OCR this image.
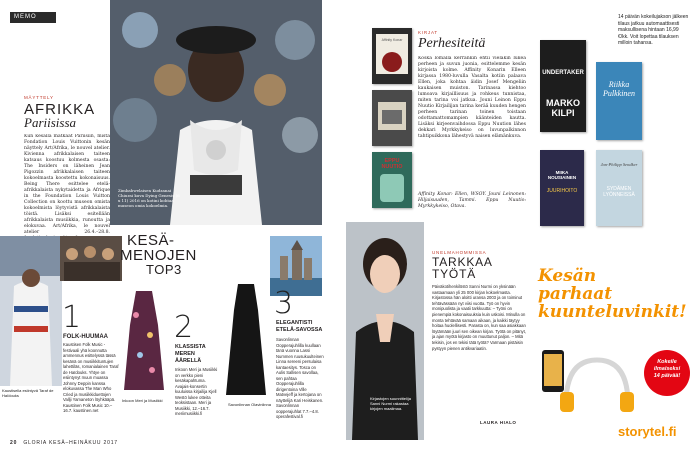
MEMO
MÄYTTELY
AFRIKKA
Pariisissa
Kun kesällä matkaat Pariisiin, mistä Fondation Louis Vuittonin kesän näyttely Art/Afrika, le nouvel atelier. Kivienna afrikkalaisen taiteen katsaus koostuu kolmesta osasta: The Insiders on läheinen Jean Pigozzin afrikkalaisen taiteen kokoelmasta koostettu kokonaisuus. Being There esittelee etelä-afrikkalaista nykytaidetta ja Afrique in the Foundation Louis Vuitton Collection on koottu museon omista kokoelmista löytyvistä afrikkalaista töistä. Lisäksi esitellään afrikkalaista musiikkia, runoutta ja elokuvaa. Art/Afrika, le nouvel atelier 26.4.–28.8.
Zimbabwelaisen Kudzanai Chiurai kuva Dying Genesis (6 x 11) 2016 on kotini kohtaa museon omia kokoelmia.
KESÄ-
MENOJEN
TOP3
1
FOLK-HUUMAA
Kaustisen Folk Music -festivaali yhä koonnutta ammennus esittelyssä tässä kesänä on musiikkituntujen lahettiläs, romanialainen Taraf de Haïdouks. Yhtye on esiintynyt muun muassa Johnny Deppin kanssa elokuvassa The Man Who Cried ja musiikkiduettojen Vallji Yamaneton löyhkääpä. Kaustinen Folk Music 10.–16.7. kaustinen.net
Kaustisella esiintyvä Taraf de Haïdouks
Inkoon Meri ja Musiikki
2
KLASSISTA MEREN ÄÄRELLÄ
Inkoon Meri ja Musiikki on verkko pieni kesäkapahtuma. Avajais-konsertin kuuluissa kirjailija Kjell Westö lukee otteita teoksistaan. Meri ja Musiikki, 12.–16.7. meriimusiikki.fi
3
ELEGANTISTI ETELÄ-SAVOSSA
Savonlinnan Oopperajuhlilla kuullaan tänä vuonna Lassi Nummen ruusukuulteinen Linna sereeni persulaisa kantaesitys. Tosca on Aulis Sallisen savollaa, sen pahtaa Oopperajuhlilla dirigentoina Ville Matvejeff ja kertojana on näyttelijä Kari Heiskanen. Savonlinnan oopperajuhlat 7.7.–4.8. operafestival.fi
Savonlinnan Olavinlinna
20 GLORIA KESÄ–HEINÄKUU 2017
Affinity Konar
EPPU NUUTIO
KIRJAT
Perhesiteitä
Koska lomalla kerrankin ehtii vieläkin lukea perheen ja suvun juonia, esittelemme kesän kirjoista kolme. Affinity Konarin Elleen kirjassa 1980-luvulla Vasalta kotiin palaava Ellen, joka kohtaa äidin Josef Mengeliin kaukaisen muiston. Tarinassa kiehtoo lumoava kirjaillisuus ja rohkeus tunnistaa, miten tarina voi jatkua. Jouni Leinon Eppu Nuutio Kirjailijan tarina kerää kuuden hengen perheen tarinan toinen toistaan odottamattomampien käänteiden kautta. Lisäksi kirjeenvaihdossa Eppu Nuution lähes dekkari Myrkkykeiso on luvunpalkinnon tahtipuikkona lähestyvä naisen elämänkuva.
Affinity Konar: Ellen, WSOY. Jouni Leinonen: Hiljaisuuden, Tammi. Eppu Nuutio: Myrkkykeiso, Otava.
Kirjastojen suunnittelija Sanni Nurmi rakastaa kirjojen maailmaa.
UNELMAHOMMISSA
TARKKAA
TYÖTÄ
Päiväkotihenkilöstö Sanni Nurmi on yksinään vastaamaan yli 25 000 kirjan kokoelmasta. Kirjastossa hän aloitti uransa 2003 ja on toiminut tehtävässään nyt viisi vuotta. Työ on hyvin monipuolista ja vaatii tarkkuutta: – Työni on pienempiä kokonaisuuksia kuin uskoisi. Minulla on monta tehtävää samaan aikaan, ja kaikki täytyy hoitaa huolellisesti. Parasta on, kun saa asiakkaan löytämään juuri sen oikean kirjan. Työtä on pitänyt, ja ajan myötä kirjasto on muuttunut paljon. – Mitä tekisin, jos en tekisi tätä työtä? Varmaan pistäisin pystyyn pienen antikvariaatin.
LAURA HIALO
14 päivän kokeilujakson jälkeen tilaus jatkuu automaattisesti maksullisena hintaan 16,99 €/kk. Voit lopettaa tilauksen milloin tahansa.
UNDERTAKER
MARKO KILPI
Riikka Pulkkinen
MIIKA NOUSIAINEN
JUURIHOITO
Jan-Philipp Sendker
SYDÄMEN LYÖNNEISSÄ
Kesän
parhaat
kuunteluvinkit!
Kokeile
ilmaiseksi
14 päivää!
storytel.fi
